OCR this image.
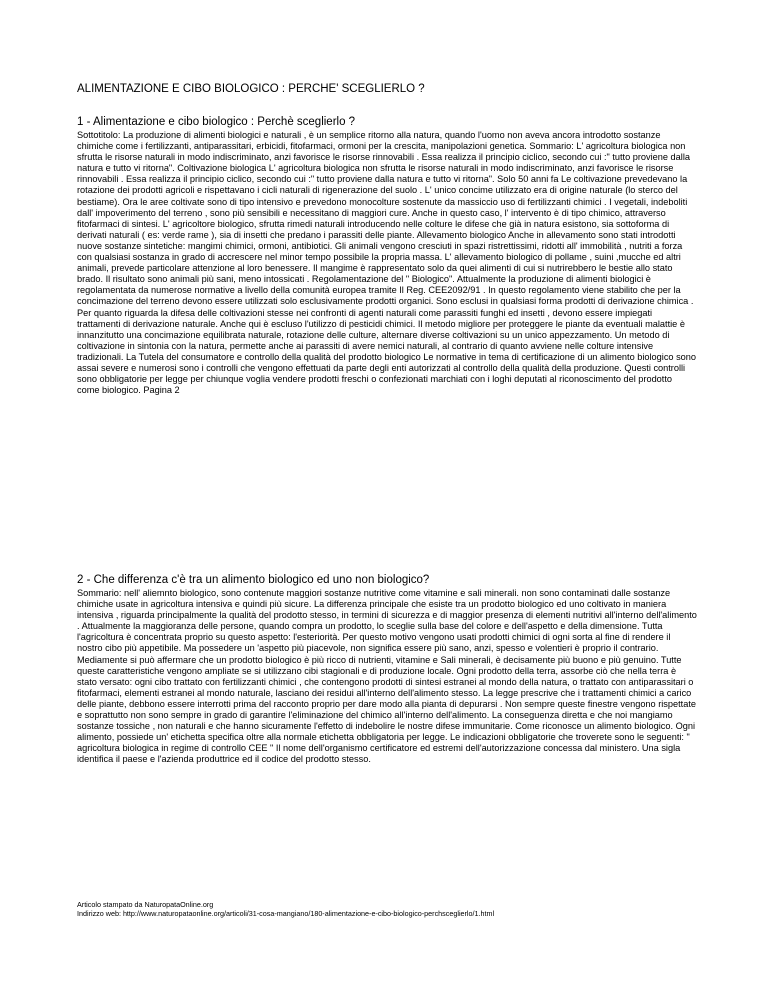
ALIMENTAZIONE E CIBO BIOLOGICO : PERCHE' SCEGLIERLO ?
1 - Alimentazione e cibo biologico : Perchè sceglierlo ?

Sottotitolo: La produzione di alimenti biologici e naturali , è un semplice ritorno alla natura, quando l'uomo non aveva ancora introdotto sostanze chimiche come i fertilizzanti, antiparassitari, erbicidi, fitofarmaci, ormoni per la crescita, manipolazioni genetica. Sommario: L' agricoltura biologica non sfrutta le risorse naturali in modo indiscriminato, anzi favorisce le risorse rinnovabili . Essa realizza il principio ciclico, secondo cui :" tutto proviene dalla natura e tutto vi ritorna". Coltivazione biologica L' agricoltura biologica non sfrutta le risorse naturali in modo indiscriminato, anzi favorisce le risorse rinnovabili . Essa realizza il principio ciclico, secondo cui :" tutto proviene dalla natura e tutto vi ritorna". Solo 50 anni fa Le coltivazione prevedevano la rotazione dei prodotti agricoli e rispettavano i cicli naturali di rigenerazione del suolo . L' unico concime utilizzato era di origine naturale (lo sterco del bestiame). Ora le aree coltivate sono di tipo intensivo e prevedono monocolture sostenute da massiccio uso di fertilizzanti chimici . I vegetali, indeboliti dall' impoverimento del terreno , sono più sensibili e necessitano di maggiori cure. Anche in questo caso, l' intervento è di tipo chimico, attraverso fitofarmaci di sintesi. L' agricoltore biologico, sfrutta rimedi naturali introducendo nelle colture le difese che già in natura esistono, sia sottoforma di derivati naturali ( es: verde rame ), sia di insetti che predano i parassiti delle piante. Allevamento biologico Anche in allevamento sono stati introdotti nuove sostanze sintetiche: mangimi chimici, ormoni, antibiotici. Gli animali vengono cresciuti in spazi ristrettissimi, ridotti all' immobilità , nutriti a forza con qualsiasi sostanza in grado di accrescere nel minor tempo possibile la propria massa. L' allevamento biologico di pollame , suini ,mucche ed altri animali, prevede particolare attenzione al loro benessere. Il mangime è rappresentato solo da quei alimenti di cui si nutrirebbero le bestie allo stato brado. Il risultato sono animali più sani, meno intossicati . Regolamentazione del " Biologico". Attualmente la produzione di alimenti biologici è regolamentata da numerose normative a livello della comunità europea tramite Il Reg. CEE2092/91 . In questo regolamento viene stabilito che per la concimazione del terreno devono essere utilizzati solo esclusivamente prodotti organici. Sono esclusi in qualsiasi forma prodotti di derivazione chimica . Per quanto riguarda la difesa delle coltivazioni stesse nei confronti di agenti naturali come parassiti funghi ed insetti , devono essere impiegati trattamenti di derivazione naturale. Anche qui è escluso l'utilizzo di pesticidi chimici. Il metodo migliore per proteggere le piante da eventuali malattie è innanzitutto una concimazione equilibrata naturale, rotazione delle culture, alternare diverse coltivazioni su un unico appezzamento. Un metodo di coltivazione in sintonia con la natura, permette anche ai parassiti di avere nemici naturali, al contrario di quanto avviene nelle colture intensive tradizionali. La Tutela del consumatore e controllo della qualità del prodotto biologico Le normative in tema di certificazione di un alimento biologico sono assai severe e numerosi sono i controlli che vengono effettuati da parte degli enti autorizzati al controllo della qualità della produzione. Questi controlli sono obbligatorie per legge per chiunque voglia vendere prodotti freschi o confezionati marchiati con i loghi deputati al riconoscimento del prodotto come biologico. Pagina 2

2 - Che differenza c'è tra un alimento biologico ed uno non biologico?

Sommario: nell' aliemnto biologico, sono contenute maggiori sostanze nutritive come vitamine e sali minerali. non sono contaminati dalle sostanze chimiche usate in agricoltura intensiva e quindi più sicure. La differenza principale che esiste tra un prodotto biologico ed uno coltivato in maniera intensiva , riguarda principalmente la qualità del prodotto stesso, in termini di sicurezza e di maggior presenza di elementi nutritivi all'interno dell'alimento . Attualmente la maggioranza delle persone, quando compra un prodotto, lo sceglie sulla base del colore e dell'aspetto e della dimensione. Tutta l'agricoltura è concentrata proprio su questo aspetto: l'esteriorità. Per questo motivo vengono usati prodotti chimici di ogni sorta al fine di rendere il nostro cibo più appetibile. Ma possedere un 'aspetto più piacevole, non significa essere più sano, anzi, spesso e volentieri è proprio il contrario. Mediamente si può affermare che un prodotto biologico è più ricco di nutrienti, vitamine e Sali minerali, è decisamente più buono e più genuino. Tutte queste caratteristiche vengono ampliate se si utilizzano cibi stagionali e di produzione locale. Ogni prodotto della terra, assorbe ciò che nella terra è stato versato: ogni cibo trattato con fertilizzanti chimici , che contengono prodotti di sintesi estranei al mondo della natura, o trattato con antiparassitari o fitofarmaci, elementi estranei al mondo naturale, lasciano dei residui all'interno dell'alimento stesso. La legge prescrive che i trattamenti chimici a carico delle piante, debbono essere interrotti prima del racconto proprio per dare modo alla pianta di depurarsi . Non sempre queste finestre vengono rispettate e soprattutto non sono sempre in grado di garantire l'eliminazione del chimico all'interno dell'alimento. La conseguenza diretta e che noi mangiamo sostanze tossiche , non naturali e che hanno sicuramente l'effetto di indebolire le nostre difese immunitarie. Come riconosce un alimento biologico. Ogni alimento, possiede un' etichetta specifica oltre alla normale etichetta obbligatoria per legge. Le indicazioni obbligatorie che troverete sono le seguenti: " agricoltura biologica in regime di controllo CEE " Il nome dell'organismo certificatore ed estremi dell'autorizzazione concessa dal ministero. Una sigla identifica il paese e l'azienda produttrice ed il codice del prodotto stesso.

Articolo stampato da NaturopataOnline.org
Indirizzo web: http://www.naturopataonline.org/articoli/31-cosa-mangiano/180-alimentazione-e-cibo-biologico-perchsceglierlo/1.html
